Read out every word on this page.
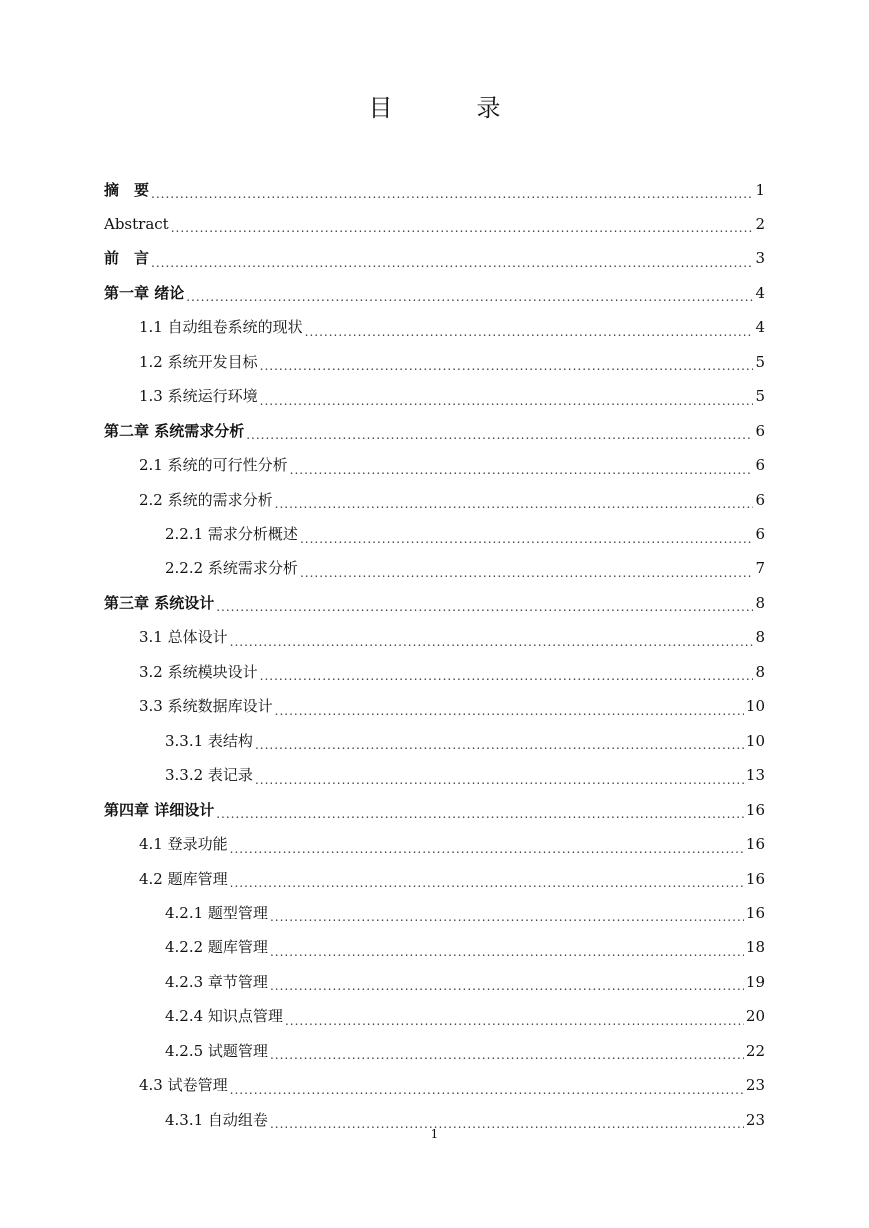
目　录
摘　要 .....	1
Abstract .....	2
前　言 .....	3
第一章 绪论 .....	4
1.1 自动组卷系统的现状 .....	4
1.2 系统开发目标 .....	5
1.3 系统运行环境 .....	5
第二章 系统需求分析 .....	6
2.1 系统的可行性分析 .....	6
2.2 系统的需求分析 .....	6
2.2.1 需求分析概述 .....	6
2.2.2 系统需求分析 .....	7
第三章 系统设计 .....	8
3.1 总体设计 .....	8
3.2 系统模块设计 .....	8
3.3 系统数据库设计 .....	10
3.3.1 表结构 .....	10
3.3.2 表记录 .....	13
第四章 详细设计 .....	16
4.1 登录功能 .....	16
4.2 题库管理 .....	16
4.2.1 题型管理 .....	16
4.2.2 题库管理 .....	18
4.2.3 章节管理 .....	19
4.2.4 知识点管理 .....	20
4.2.5 试题管理 .....	22
4.3 试卷管理 .....	23
4.3.1 自动组卷 .....	23
1
